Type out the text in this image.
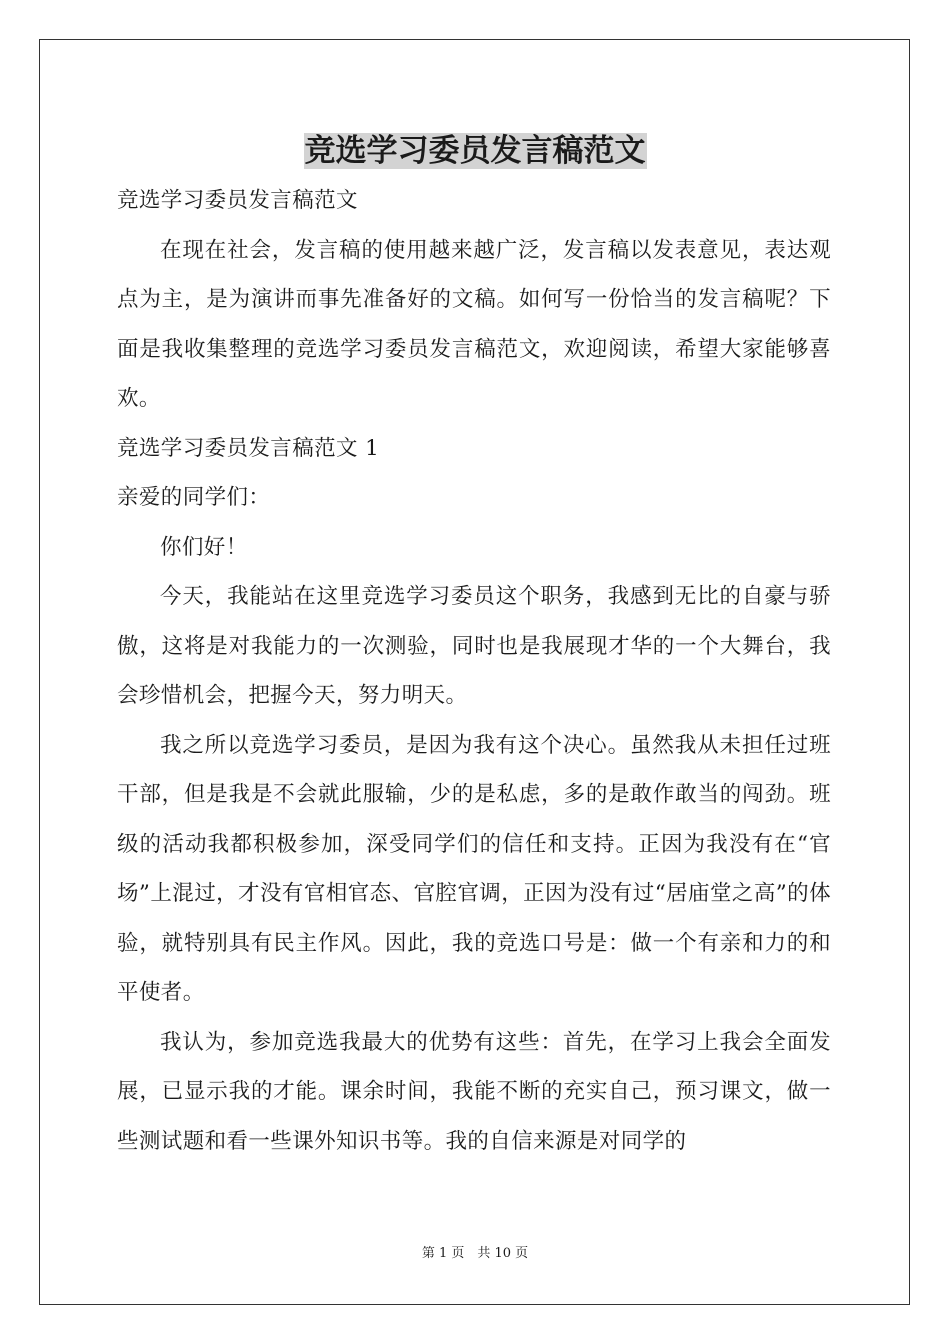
竞选学习委员发言稿范文

竞选学习委员发言稿范文

在现在社会，发言稿的使用越来越广泛，发言稿以发表意见，表达观点为主，是为演讲而事先准备好的文稿。如何写一份恰当的发言稿呢？下面是我收集整理的竞选学习委员发言稿范文，欢迎阅读，希望大家能够喜欢。

竞选学习委员发言稿范文 1

亲爱的同学们：

你们好！

今天，我能站在这里竞选学习委员这个职务，我感到无比的自豪与骄傲，这将是对我能力的一次测验，同时也是我展现才华的一个大舞台，我会珍惜机会，把握今天，努力明天。

我之所以竞选学习委员，是因为我有这个决心。虽然我从未担任过班干部，但是我是不会就此服输，少的是私虑，多的是敢作敢当的闯劲。班级的活动我都积极参加，深受同学们的信任和支持。正因为我没有在“官场”上混过，才没有官相官态、官腔官调，正因为没有过“居庙堂之高”的体验，就特别具有民主作风。因此，我的竞选口号是：做一个有亲和力的和平使者。

我认为，参加竞选我最大的优势有这些：首先，在学习上我会全面发展，已显示我的才能。课余时间，我能不断的充实自己，预习课文，做一些测试题和看一些课外知识书等。我的自信来源是对同学的

第 1 页　共 10 页
